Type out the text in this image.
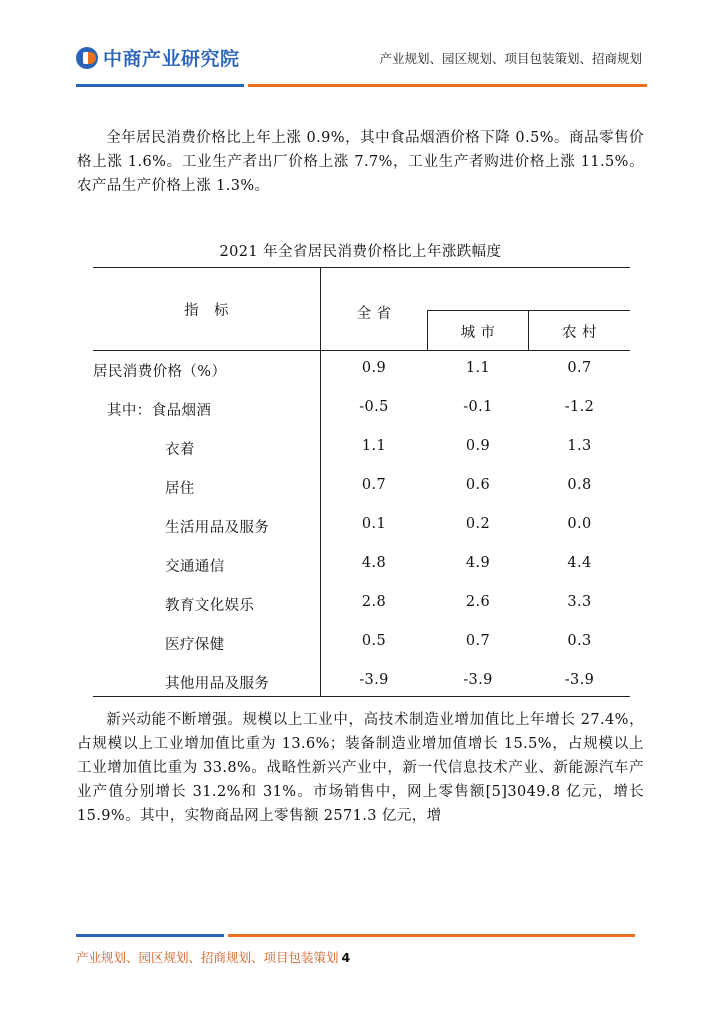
中商产业研究院	产业规划、园区规划、项目包装策划、招商规划

全年居民消费价格比上年上涨 0.9%，其中食品烟酒价格下降 0.5%。商品零售价格上涨 1.6%。工业生产者出厂价格上涨 7.7%，工业生产者购进价格上涨 11.5%。农产品生产价格上涨 1.3%。

2021 年全省居民消费价格比上年涨跌幅度

指　标	全 省
城 市	农 村
居民消费价格（%）	0.9	1.1	0.7
其中：食品烟酒	-0.5	-0.1	-1.2
衣着	1.1	0.9	1.3
居住	0.7	0.6	0.8
生活用品及服务	0.1	0.2	0.0
交通通信	4.8	4.9	4.4
教育文化娱乐	2.8	2.6	3.3
医疗保健	0.5	0.7	0.3
其他用品及服务	-3.9	-3.9	-3.9

新兴动能不断增强。规模以上工业中，高技术制造业增加值比上年增长 27.4%，占规模以上工业增加值比重为 13.6%；装备制造业增加值增长 15.5%，占规模以上工业增加值比重为 33.8%。战略性新兴产业中，新一代信息技术产业、新能源汽车产业产值分别增长 31.2%和 31%。市场销售中，网上零售额[5]3049.8 亿元，增长 15.9%。其中，实物商品网上零售额 2571.3 亿元，增

产业规划、园区规划、招商规划、项目包装策划 4
